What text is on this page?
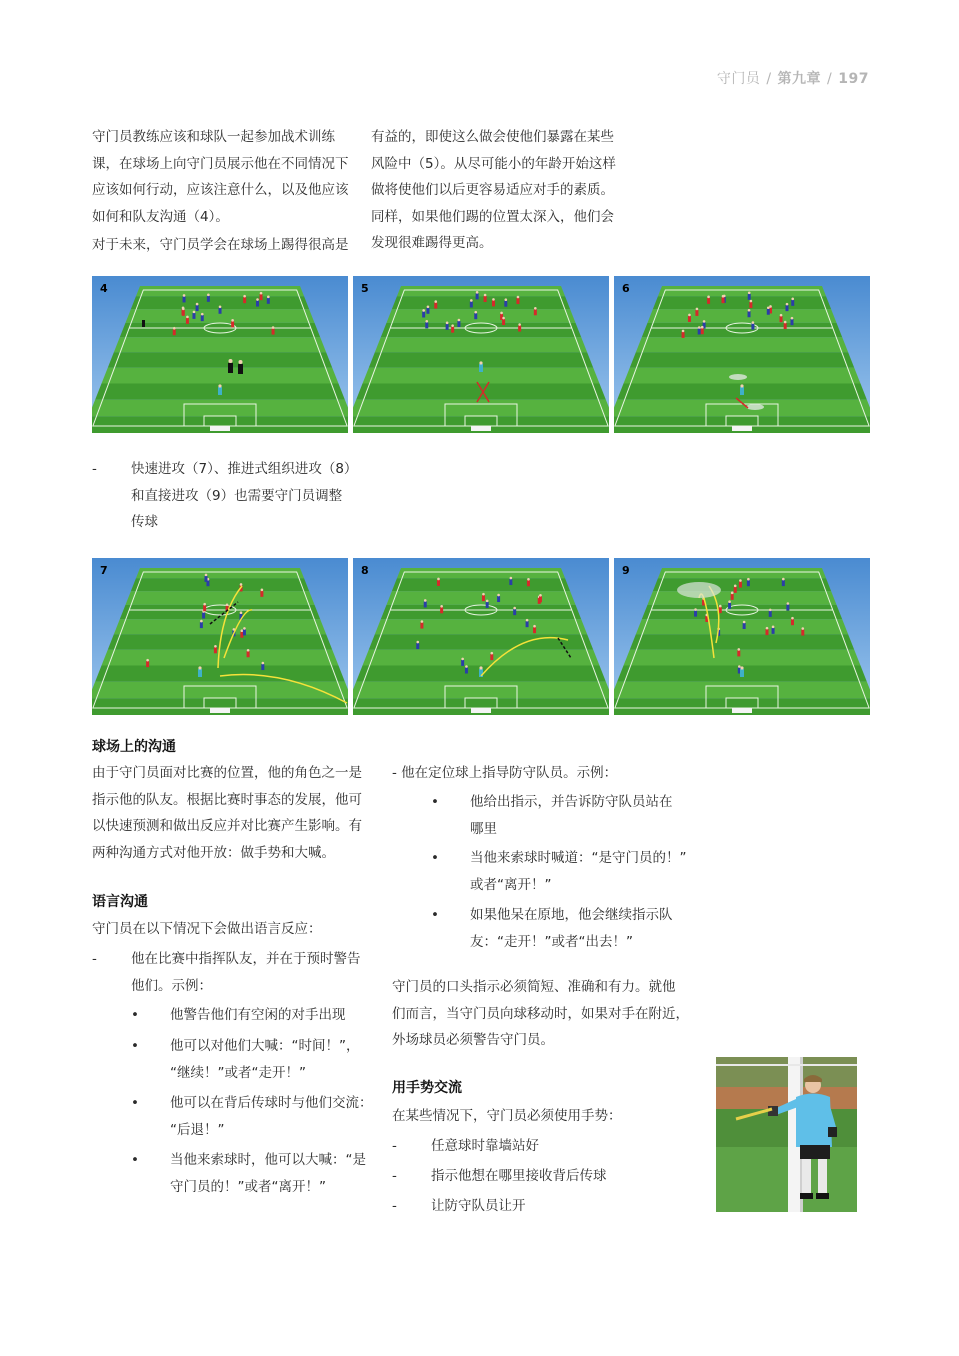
守门员 / 第九章 / 197
守门员教练应该和球队一起参加战术训练
课，在球场上向守门员展示他在不同情况下
应该如何行动，应该注意什么，以及他应该
如何和队友沟通（4）。
对于未来，守门员学会在球场上踢得很高是
有益的，即使这么做会使他们暴露在某些
风险中（5）。从尽可能小的年龄开始这样
做将使他们以后更容易适应对手的素质。
同样，如果他们踢的位置太深入，他们会
发现很难踢得更高。
4	5	6
-	快速进攻（7）、推进式组织进攻（8）
和直接进攻（9）也需要守门员调整
传球
7	8	9
球场上的沟通
由于守门员面对比赛的位置，他的角色之一是
指示他的队友。根据比赛时事态的发展，他可
以快速预测和做出反应并对比赛产生影响。有
两种沟通方式对他开放：做手势和大喊。
语言沟通
守门员在以下情况下会做出语言反应：
-	他在比赛中指挥队友，并在于预时警告
他们。示例：
• 他警告他们有空闲的对手出现
• 他可以对他们大喊：“时间！”，
“继续！”或者“走开！”
• 他可以在背后传球时与他们交流：
“后退！”
• 当他来索球时，他可以大喊：“是
守门员的！”或者“离开！”
- 他在定位球上指导防守队员。示例：
• 他给出指示，并告诉防守队员站在
哪里
• 当他来索球时喊道：“是守门员的！”
或者“离开！”
• 如果他呆在原地，他会继续指示队
友：“走开！”或者“出去！”
守门员的口头指示必须简短、准确和有力。就他
们而言，当守门员向球移动时，如果对手在附近，
外场球员必须警告守门员。
用手势交流
在某些情况下，守门员必须使用手势：
-	任意球时靠墙站好
-	指示他想在哪里接收背后传球
-	让防守队员让开
